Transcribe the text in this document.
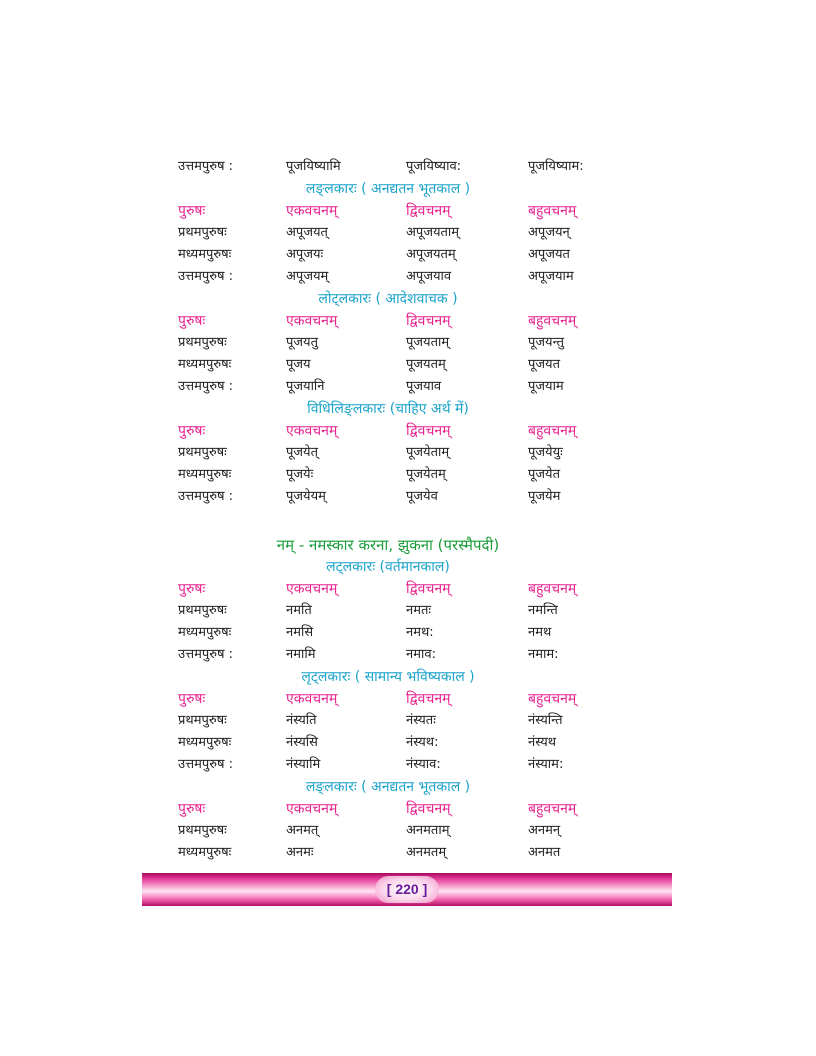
उत्तमपुरुष :	पूजयिष्यामि	पूजयिष्याव:	पूजयिष्याम:
लङ्लकारः ( अनद्यतन भूतकाल )
पुरुषः	एकवचनम्	द्विवचनम्	बहुवचनम्
प्रथमपुरुषः	अपूजयत्	अपूजयताम्	अपूजयन्
मध्यमपुरुषः	अपूजयः	अपूजयतम्	अपूजयत
उत्तमपुरुष :	अपूजयम्	अपूजयाव	अपूजयाम
लोट्लकारः ( आदेशवाचक )
पुरुषः	एकवचनम्	द्विवचनम्	बहुवचनम्
प्रथमपुरुषः	पूजयतु	पूजयताम्	पूजयन्तु
मध्यमपुरुषः	पूजय	पूजयतम्	पूजयत
उत्तमपुरुष :	पूजयानि	पूजयाव	पूजयाम
विधिलिङ्लकारः (चाहिए अर्थ में)
पुरुषः	एकवचनम्	द्विवचनम्	बहुवचनम्
प्रथमपुरुषः	पूजयेत्	पूजयेताम्	पूजयेयुः
मध्यमपुरुषः	पूजयेः	पूजयेतम्	पूजयेत
उत्तमपुरुष :	पूजयेयम्	पूजयेव	पूजयेम
नम् - नमस्कार करना, झुकना (परस्मैपदी)
लट्लकारः (वर्तमानकाल)
पुरुषः	एकवचनम्	द्विवचनम्	बहुवचनम्
प्रथमपुरुषः	नमति	नमतः	नमन्ति
मध्यमपुरुषः	नमसि	नमथ:	नमथ
उत्तमपुरुष :	नमामि	नमाव:	नमाम:
लृट्लकारः ( सामान्य भविष्यकाल )
पुरुषः	एकवचनम्	द्विवचनम्	बहुवचनम्
प्रथमपुरुषः	नंस्यति	नंस्यतः	नंस्यन्ति
मध्यमपुरुषः	नंस्यसि	नंस्यथ:	नंस्यथ
उत्तमपुरुष :	नंस्यामि	नंस्याव:	नंस्याम:
लङ्लकारः ( अनद्यतन भूतकाल )
पुरुषः	एकवचनम्	द्विवचनम्	बहुवचनम्
प्रथमपुरुषः	अनमत्	अनमताम्	अनमन्
मध्यमपुरुषः	अनमः	अनमतम्	अनमत
[ 220 ]
